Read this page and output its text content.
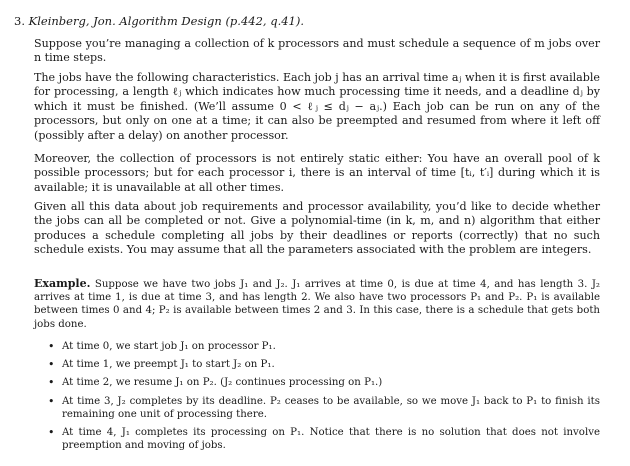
3. Kleinberg, Jon. Algorithm Design (p.442, q.41).

Suppose you’re managing a collection of k processors and must schedule a sequence of m jobs over n time steps.

The jobs have the following characteristics. Each job j has an arrival time aⱼ when it is first available for processing, a length ℓⱼ which indicates how much processing time it needs, and a deadline dⱼ by which it must be finished. (We’ll assume 0 < ℓⱼ ≤ dⱼ − aⱼ.) Each job can be run on any of the processors, but only on one at a time; it can also be preempted and resumed from where it left off (possibly after a delay) on another processor.

Moreover, the collection of processors is not entirely static either: You have an overall pool of k possible processors; but for each processor i, there is an interval of time [tᵢ, t′ᵢ] during which it is available; it is unavailable at all other times.

Given all this data about job requirements and processor availability, you’d like to decide whether the jobs can all be completed or not. Give a polynomial-time (in k, m, and n) algorithm that either produces a schedule completing all jobs by their deadlines or reports (correctly) that no such schedule exists. You may assume that all the parameters associated with the problem are integers.

Example. Suppose we have two jobs J₁ and J₂. J₁ arrives at time 0, is due at time 4, and has length 3. J₂ arrives at time 1, is due at time 3, and has length 2. We also have two processors P₁ and P₂. P₁ is available between times 0 and 4; P₂ is available between times 2 and 3. In this case, there is a schedule that gets both jobs done.

• At time 0, we start job J₁ on processor P₁.
• At time 1, we preempt J₁ to start J₂ on P₁.
• At time 2, we resume J₁ on P₂. (J₂ continues processing on P₁.)
• At time 3, J₂ completes by its deadline. P₂ ceases to be available, so we move J₁ back to P₁ to finish its remaining one unit of processing there.
• At time 4, J₁ completes its processing on P₁. Notice that there is no solution that does not involve preemption and moving of jobs.
